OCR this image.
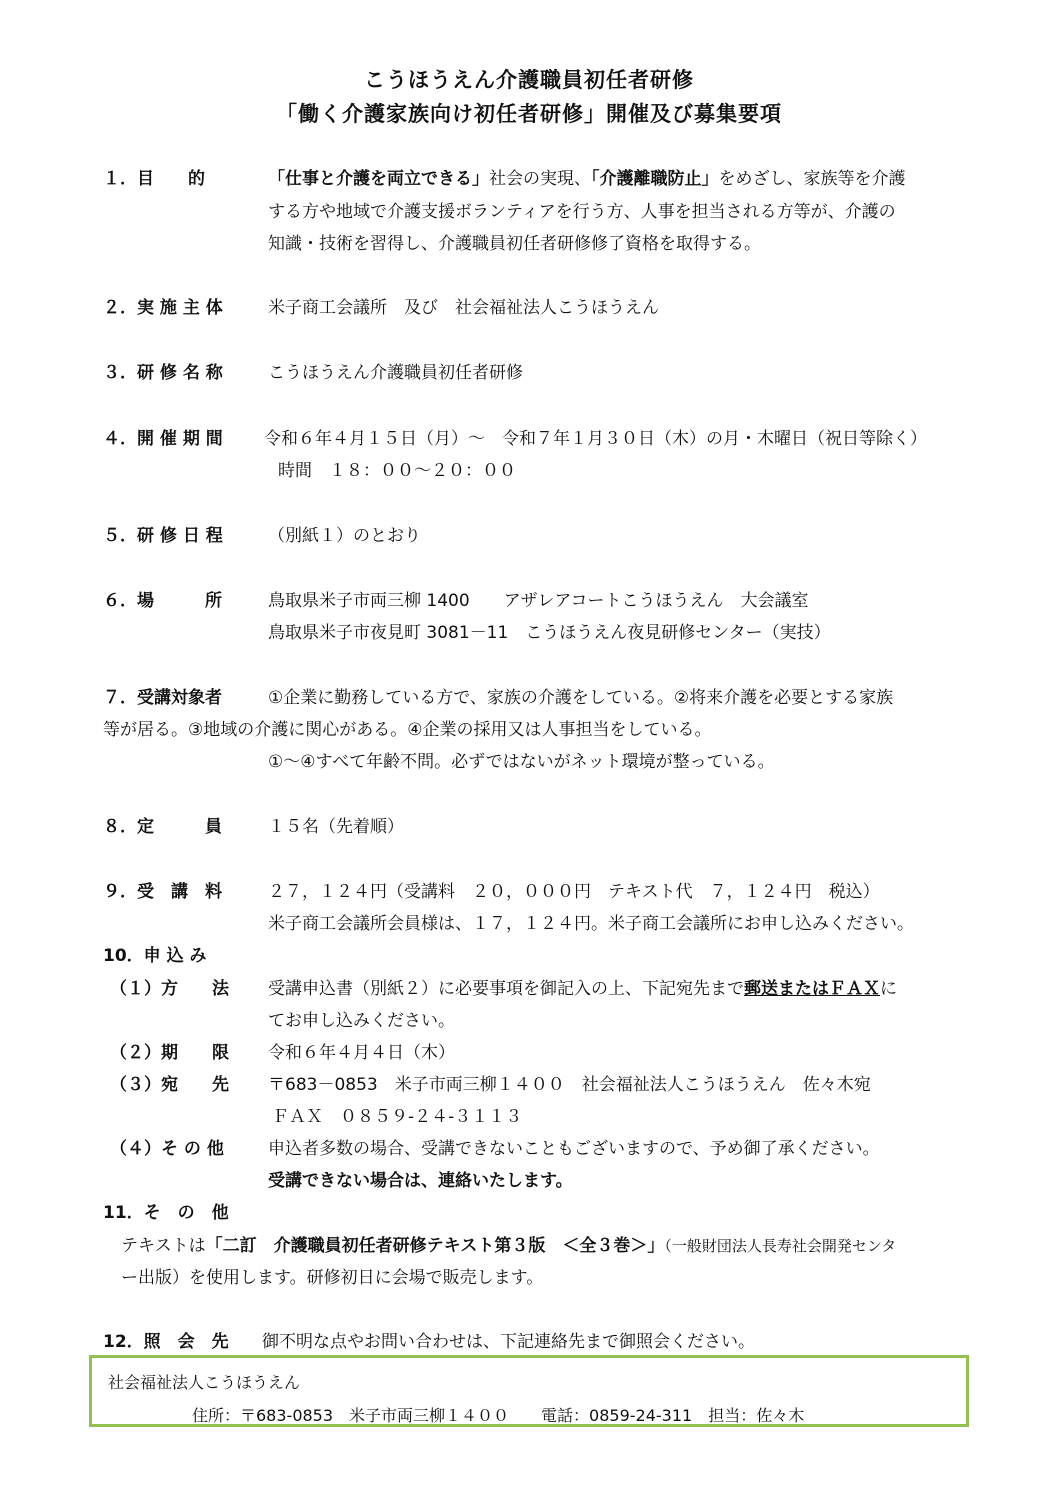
こうほうえん介護職員初任者研修
「働く介護家族向け初任者研修」開催及び募集要項
１．目　　的	「仕事と介護を両立できる」社会の実現、「介護離職防止」をめざし、家族等を介護
する方や地域で介護支援ボランティアを行う方、人事を担当される方等が、介護の
知識・技術を習得し、介護職員初任者研修修了資格を取得する。
２．実 施 主 体	米子商工会議所　及び　社会福祉法人こうほうえん
３．研 修 名 称	こうほうえん介護職員初任者研修
４．開 催 期 間 令和６年４月１５日（月）～　令和７年１月３０日（木）の月・木曜日（祝日等除く）
時間　１８：００～２０：００
５．研 修 日 程	（別紙１）のとおり
６．場　　　所	鳥取県米子市両三柳 1400　　アザレアコートこうほうえん　大会議室
鳥取県米子市夜見町 3081－11　こうほうえん夜見研修センター（実技）
７．受講対象者	①企業に勤務している方で、家族の介護をしている。②将来介護を必要とする家族
等が居る。③地域の介護に関心がある。④企業の採用又は人事担当をしている。
①～④すべて年齢不問。必ずではないがネット環境が整っている。
８．定　　　員	１５名（先着順）
９．受　講　料	２７，１２４円（受講料　２０，０００円　テキスト代　７，１２４円　税込）
米子商工会議所会員様は、１７，１２４円。米子商工会議所にお申し込みください。
10．申 込 み
（１）方　　法 受講申込書（別紙２）に必要事項を御記入の上、下記宛先まで郵送またはＦＡＸに
てお申し込みください。
（２）期　　限 令和６年４月４日（木）
（３）宛　　先 〒683－0853　米子市両三柳１４００　社会福祉法人こうほうえん　佐々木宛
ＦＡＸ　０８５９-２４-３１１３
（４）そ の 他	申込者多数の場合、受講できないこともございますので、予め御了承ください。
受講できない場合は、連絡いたします。
11．そ　の　他
テキストは「二訂　介護職員初任者研修テキスト第３版　＜全３巻＞」（一般財団法人長寿社会開発センタ
ー出版）を使用します。研修初日に会場で販売します。
12．照　会　先 御不明な点やお問い合わせは、下記連絡先まで御照会ください。
社会福祉法人こうほうえん
住所：〒683-0853　米子市両三柳１４００　　電話：0859-24-311　担当：佐々木
